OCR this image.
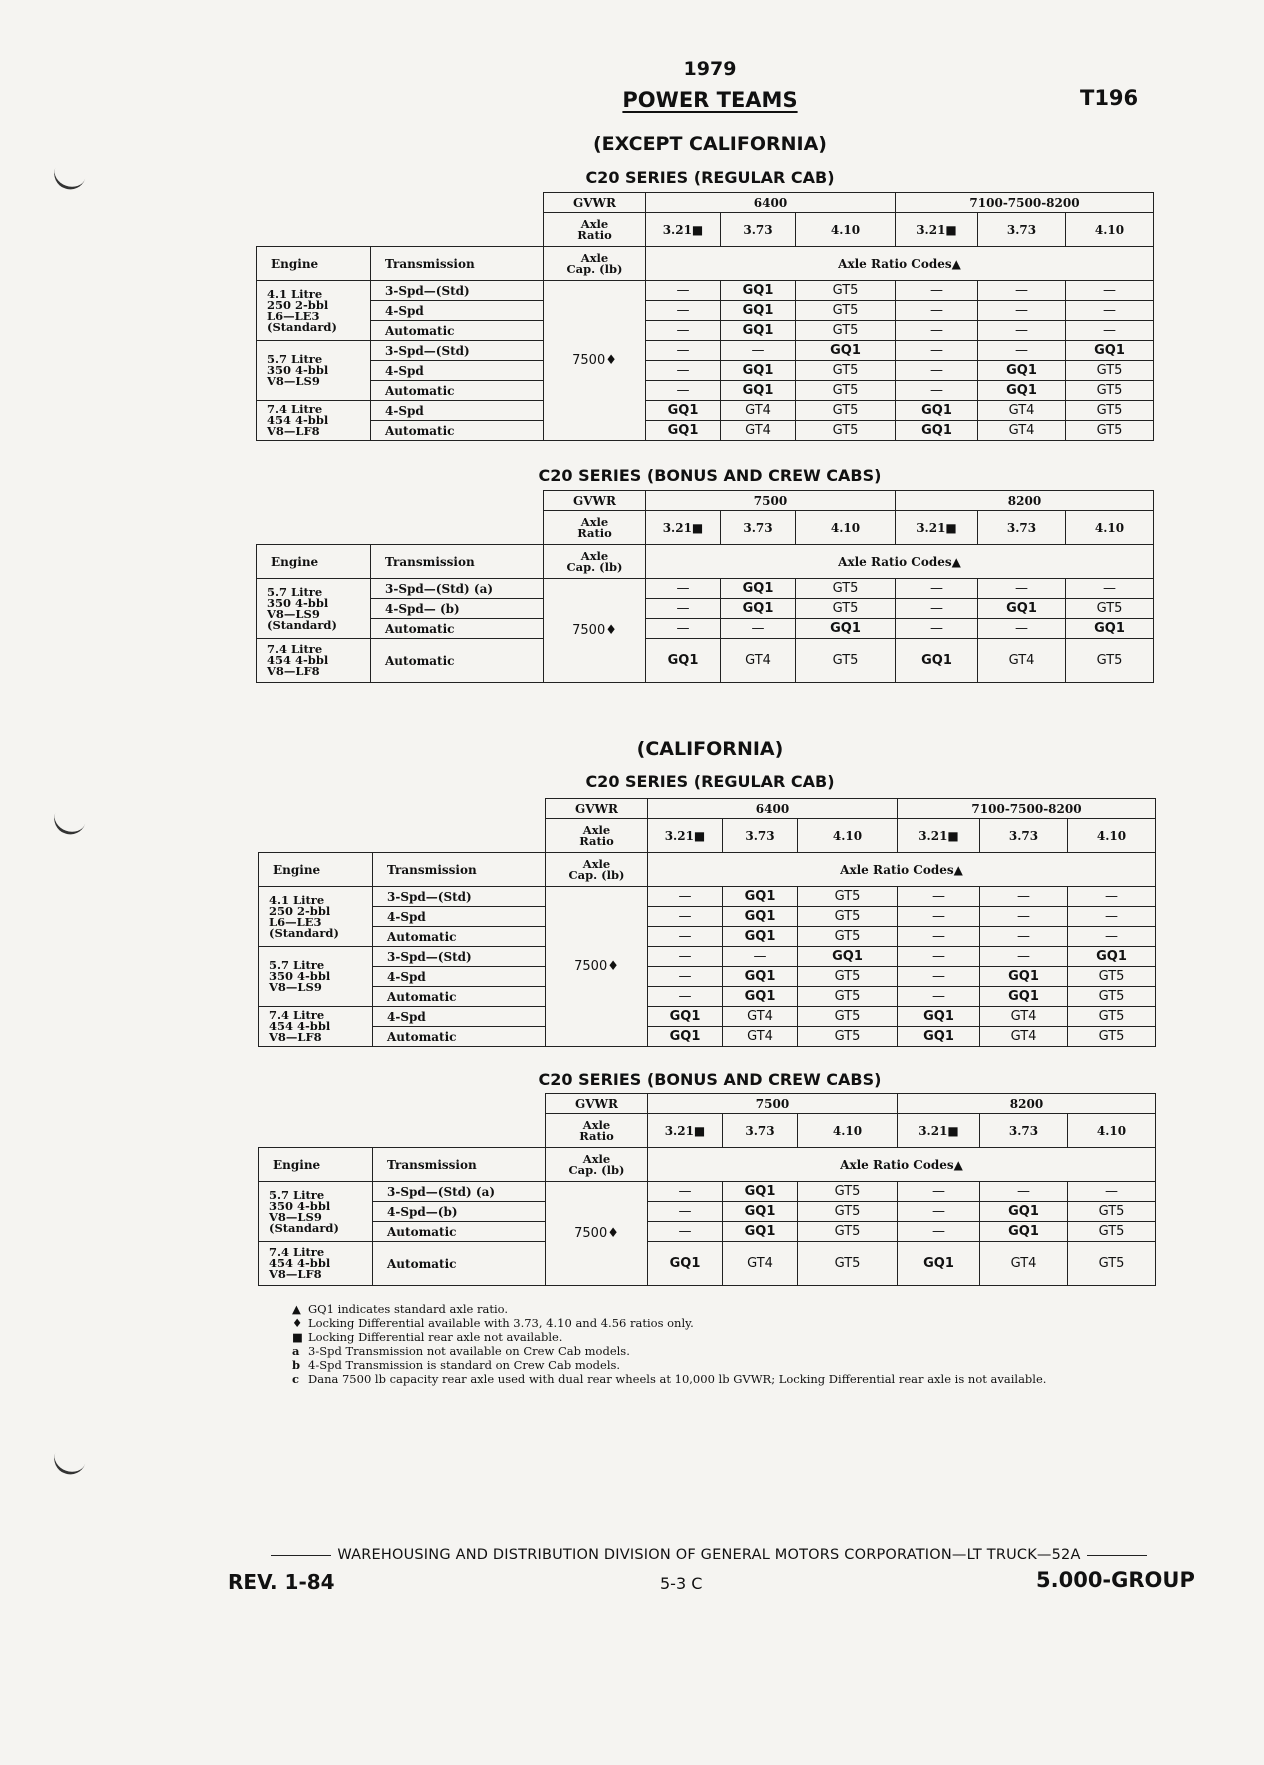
1979
POWER TEAMS	T196
(EXCEPT CALIFORNIA)
(CALIFORNIA)
C20 SERIES (REGULAR CAB)
C20 SERIES (BONUS AND CREW CABS)
C20 SERIES (REGULAR CAB)
C20 SERIES (BONUS AND CREW CABS)
		GVWR	6400			7100-7500-8200		

		Axle
Ratio	3.21■	3.73	4.10	3.21■	3.73	4.10
Engine	Transmission	Axle
Cap. (lb)	Axle Ratio Codes▲					

4.1 Litre
250 2-bbl
L6—LE3
(Standard)	3-Spd—(Std)	7500♦	—	GQ1	GT5	—	—	—
	4-Spd		—	GQ1	GT5	—	—	—
	Automatic		—	GQ1	GT5	—	—	—

5.7 Litre
350 4-bbl
V8—LS9	3-Spd—(Std)		—	—	GQ1	—	—	GQ1
	4-Spd		—	GQ1	GT5	—	GQ1	GT5
	Automatic		—	GQ1	GT5	—	GQ1	GT5

7.4 Litre
454 4-bbl
V8—LF8	4-Spd		GQ1	GT4	GT5	GQ1	GT4	GT5
	Automatic		GQ1	GT4	GT5	GQ1	GT4	GT5
		GVWR	7500			8200		

		Axle
Ratio	3.21■	3.73	4.10	3.21■	3.73	4.10
Engine	Transmission	Axle
Cap. (lb)	Axle Ratio Codes▲					

5.7 Litre
350 4-bbl
V8—LS9
(Standard)	3-Spd—(Std) (a)	7500♦	—	GQ1	GT5	—	—	—
	4-Spd— (b)		—	GQ1	GT5	—	GQ1	GT5
	Automatic		—	—	GQ1	—	—	GQ1

7.4 Litre
454 4-bbl
V8—LF8	Automatic		GQ1	GT4	GT5	GQ1	GT4	GT5
		GVWR	6400			7100-7500-8200		

		Axle
Ratio	3.21■	3.73	4.10	3.21■	3.73	4.10
Engine	Transmission	Axle
Cap. (lb)	Axle Ratio Codes▲					

4.1 Litre
250 2-bbl
L6—LE3
(Standard)	3-Spd—(Std)	7500♦	—	GQ1	GT5	—	—	—
	4-Spd		—	GQ1	GT5	—	—	—
	Automatic		—	GQ1	GT5	—	—	—

5.7 Litre
350 4-bbl
V8—LS9	3-Spd—(Std)		—	—	GQ1	—	—	GQ1
	4-Spd		—	GQ1	GT5	—	GQ1	GT5
	Automatic		—	GQ1	GT5	—	GQ1	GT5

7.4 Litre
454 4-bbl
V8—LF8	4-Spd		GQ1	GT4	GT5	GQ1	GT4	GT5
	Automatic		GQ1	GT4	GT5	GQ1	GT4	GT5
		GVWR	7500			8200		

		Axle
Ratio	3.21■	3.73	4.10	3.21■	3.73	4.10
Engine	Transmission	Axle
Cap. (lb)	Axle Ratio Codes▲					

5.7 Litre
350 4-bbl
V8—LS9
(Standard)	3-Spd—(Std) (a)	7500♦	—	GQ1	GT5	—	—	—
	4-Spd—(b)		—	GQ1	GT5	—	GQ1	GT5
	Automatic		—	GQ1	GT5	—	GQ1	GT5

7.4 Litre
454 4-bbl
V8—LF8	Automatic		GQ1	GT4	GT5	GQ1	GT4	GT5
▲ GQ1 indicates standard axle ratio.
♦ Locking Differential available with 3.73, 4.10 and 4.56 ratios only.
■ Locking Differential rear axle not available.
a 3-Spd Transmission not available on Crew Cab models.
b 4-Spd Transmission is standard on Crew Cab models.
c Dana 7500 lb capacity rear axle used with dual rear wheels at 10,000 lb GVWR; Locking Differential rear axle is not available.
WAREHOUSING AND DISTRIBUTION DIVISION OF GENERAL MOTORS CORPORATION—LT TRUCK—52A
REV. 1-84	5-3 C	5.000-GROUP
